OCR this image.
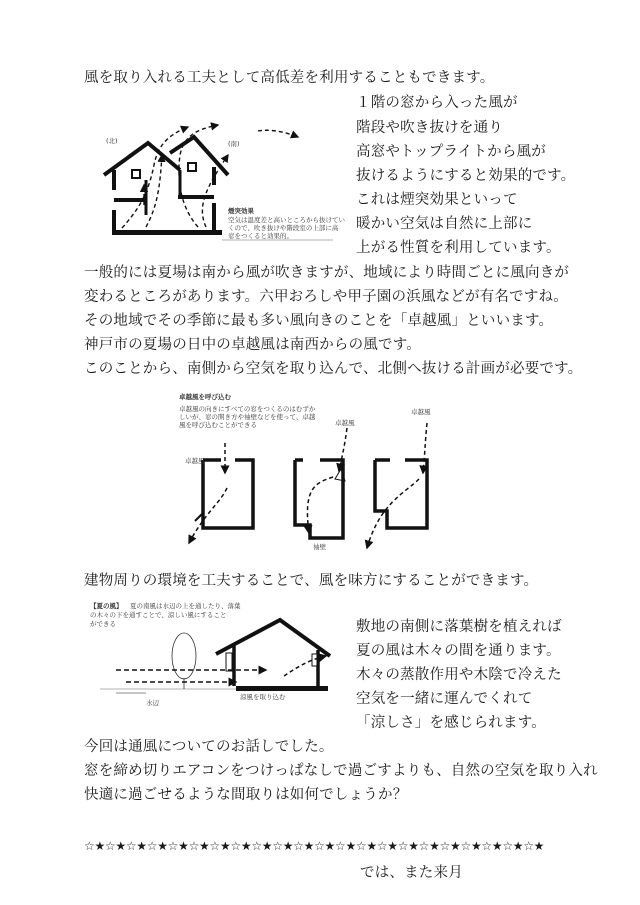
風を取り入れる工夫として高低差を利用することもできます。
(北)	(南)
煙突効果
空気は温度差と高いところから抜けてい
くので、吹き抜けや階段室の上部に高
窓をつくると効果的。
１階の窓から入った風が
階段や吹き抜けを通り
高窓やトップライトから風が
抜けるようにすると効果的です。
これは煙突効果といって
暖かい空気は自然に上部に
上がる性質を利用しています。
一般的には夏場は南から風が吹きますが、地域により時間ごとに風向きが
変わるところがあります。六甲おろしや甲子園の浜風などが有名ですね。
その地域でその季節に最も多い風向きのことを「卓越風」といいます。
神戸市の夏場の日中の卓越風は南西からの風です。
このことから、南側から空気を取り込んで、北側へ抜ける計画が必要です。
卓越風を呼び込む
卓越風の向きにすべての窓をつくるのはむずか
しいが、窓の開き方や袖壁などを使って、卓越
風を呼び込むことができる
卓越風
卓越風
卓越風
袖壁
建物周りの環境を工夫することで、風を味方にすることができます。
【夏の風】 夏の南風は水辺の上を通したり、落葉
の木々の下を通すことで、涼しい風にすること
ができる
水辺
涼風を取り込む
敷地の南側に落葉樹を植えれば
夏の風は木々の間を通ります。
木々の蒸散作用や木陰で冷えた
空気を一緒に運んでくれて
「涼しさ」を感じられます。
今回は通風についてのお話しでした。
窓を締め切りエアコンをつけっぱなしで過ごすよりも、自然の空気を取り入れ
快適に過ごせるような間取りは如何でしょうか？
☆★☆★☆★☆★☆★☆★☆★☆★☆★☆★☆★☆★☆★☆★☆★☆★☆★☆★☆★☆★☆★☆★
では、また来月
